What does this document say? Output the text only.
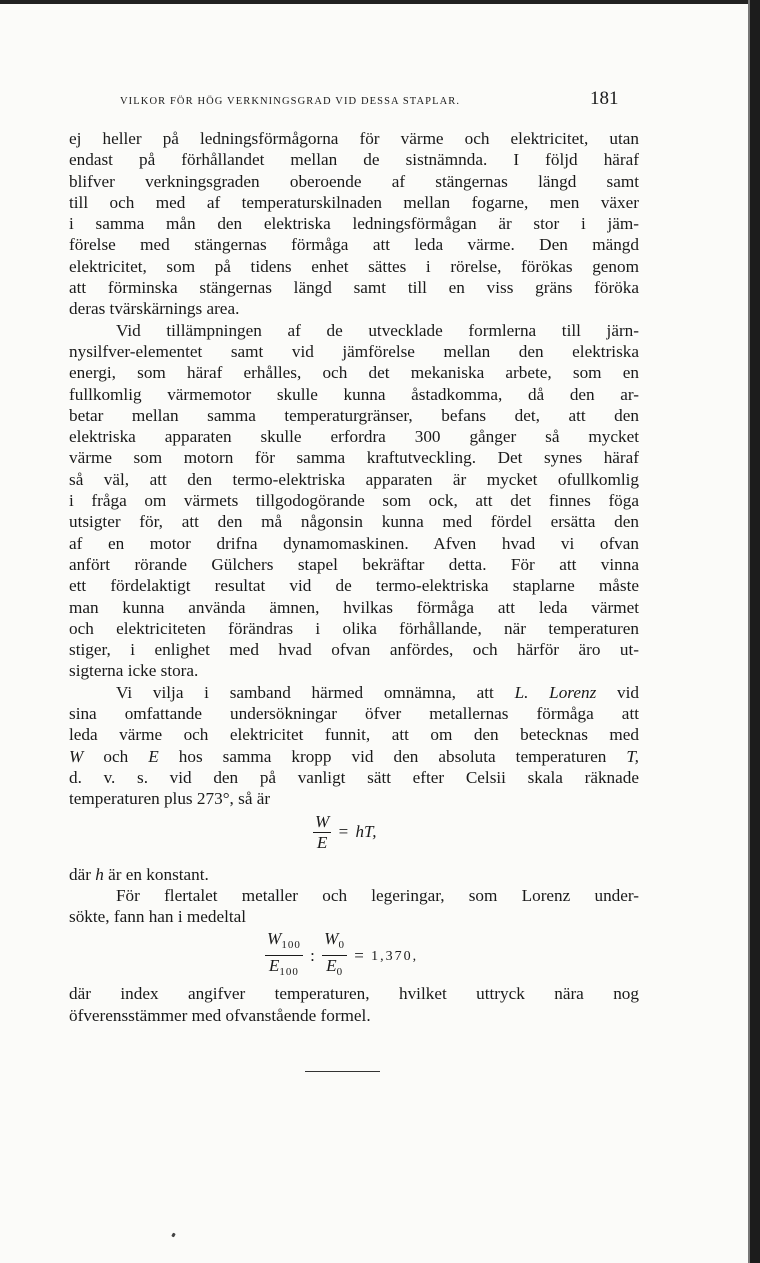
VILKOR FÖR HÖG VERKNINGSGRAD VID DESSA STAPLAR.	181
ej heller på ledningsförmågorna för värme och elektricitet, utan
endast på förhållandet mellan de sistnämnda. I följd häraf
blifver verkningsgraden oberoende af stängernas längd samt
till och med af temperaturskilnaden mellan fogarne, men växer
i samma mån den elektriska ledningsförmågan är stor i jäm-
förelse med stängernas förmåga att leda värme. Den mängd
elektricitet, som på tidens enhet sättes i rörelse, förökas genom
att förminska stängernas längd samt till en viss gräns föröka
deras tvärskärnings area.
Vid tillämpningen af de utvecklade formlerna till järn-
nysilfver-elementet samt vid jämförelse mellan den elektriska
energi, som häraf erhålles, och det mekaniska arbete, som en
fullkomlig värmemotor skulle kunna åstadkomma, då den ar-
betar mellan samma temperaturgränser, befans det, att den
elektriska apparaten skulle erfordra 300 gånger så mycket
värme som motorn för samma kraftutveckling. Det synes häraf
så väl, att den termo-elektriska apparaten är mycket ofullkomlig
i fråga om värmets tillgodogörande som ock, att det finnes föga
utsigter för, att den må någonsin kunna med fördel ersätta den
af en motor drifna dynamomaskinen. Afven hvad vi ofvan
anfört rörande Gülchers stapel bekräftar detta. För att vinna
ett fördelaktigt resultat vid de termo-elektriska staplarne måste
man kunna använda ämnen, hvilkas förmåga att leda värmet
och elektriciteten förändras i olika förhållande, när temperaturen
stiger, i enlighet med hvad ofvan anfördes, och härför äro ut-
sigterna icke stora.
Vi vilja i samband härmed omnämna, att L. Lorenz vid
sina omfattande undersökningar öfver metallernas förmåga att
leda värme och elektricitet funnit, att om den betecknas med
W och E hos samma kropp vid den absoluta temperaturen T,
d. v. s. vid den på vanligt sätt efter Celsii skala räknade
temperaturen plus 273°, så är
$\frac{W}{E}$ = hT,
där h är en konstant.
För flertalet metaller och legeringar, som Lorenz under-
sökte, fann han i medeltal
$\frac{W_{100}}{E_{100}}$ : $\frac{W_0}{E_0} = 1,370$,
där index angifver temperaturen, hvilket uttryck nära nog
öfverensstämmer med ofvanstående formel.
